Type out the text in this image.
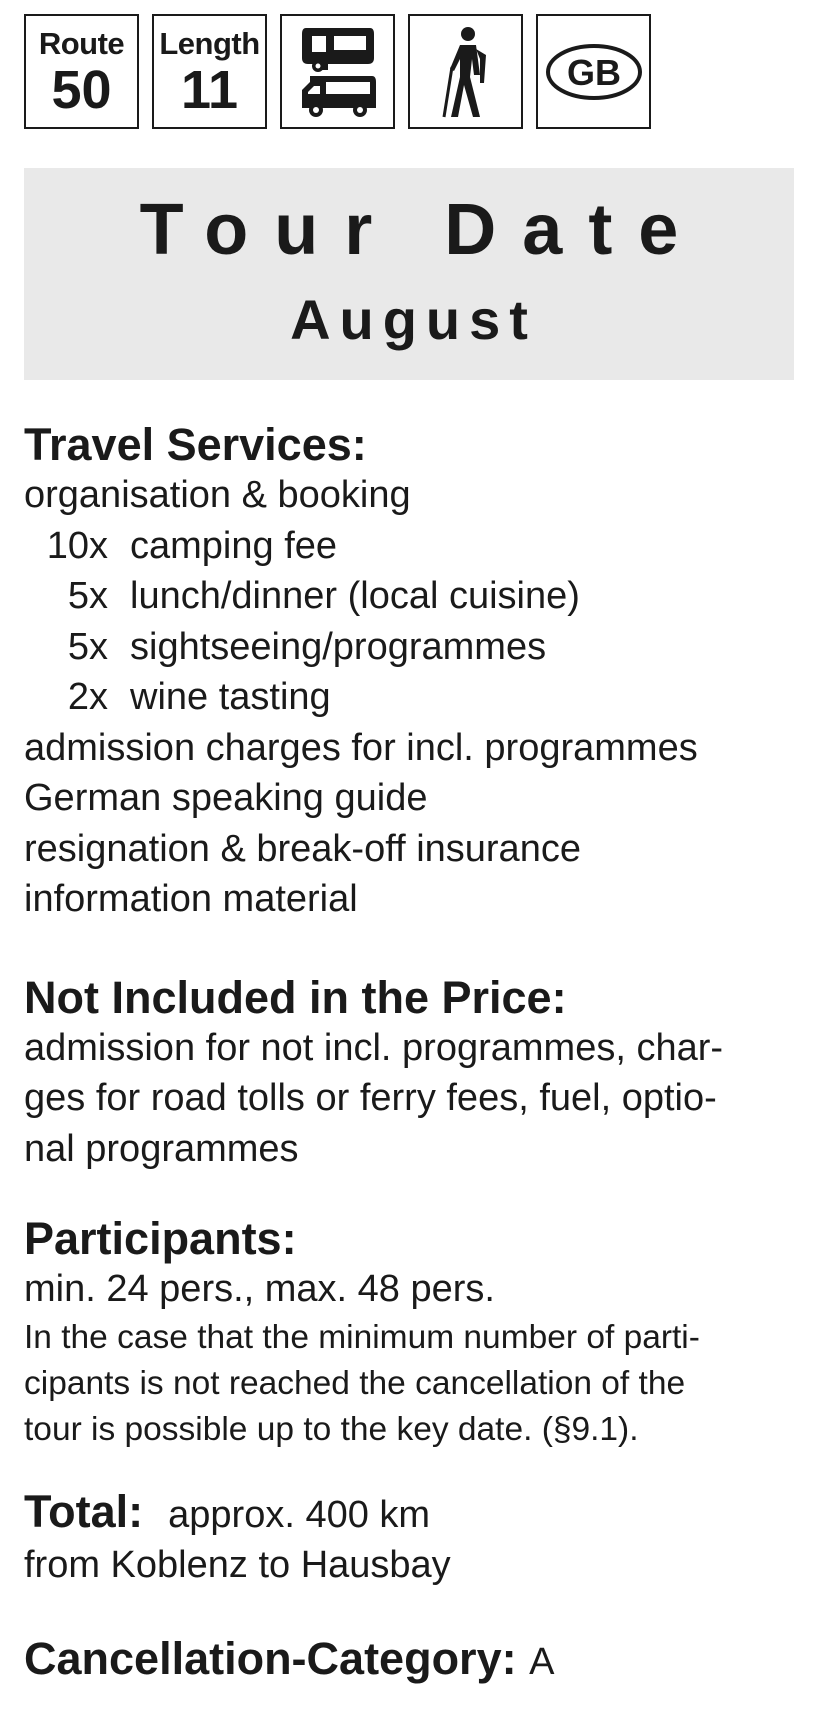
Route
50
Length
11	GB
Tour Date
August

Travel Services:

organisation & booking

10x camping fee
5x lunch/dinner (local cuisine)
5x sightseeing/programmes
2x wine tasting

admission charges for incl. programmes

German speaking guide

resignation & break-off insurance

information material

Not Included in the Price:

admission for not incl. programmes, char-

ges for road tolls or ferry fees, fuel, optio-

nal programmes

Participants:

min. 24 pers., max. 48 pers.

In the case that the minimum number of parti-

cipants is not reached the cancellation of the

tour is possible up to the key date. (§9.1).

Total: approx. 400 km

from Koblenz to Hausbay

Cancellation-Category: A
